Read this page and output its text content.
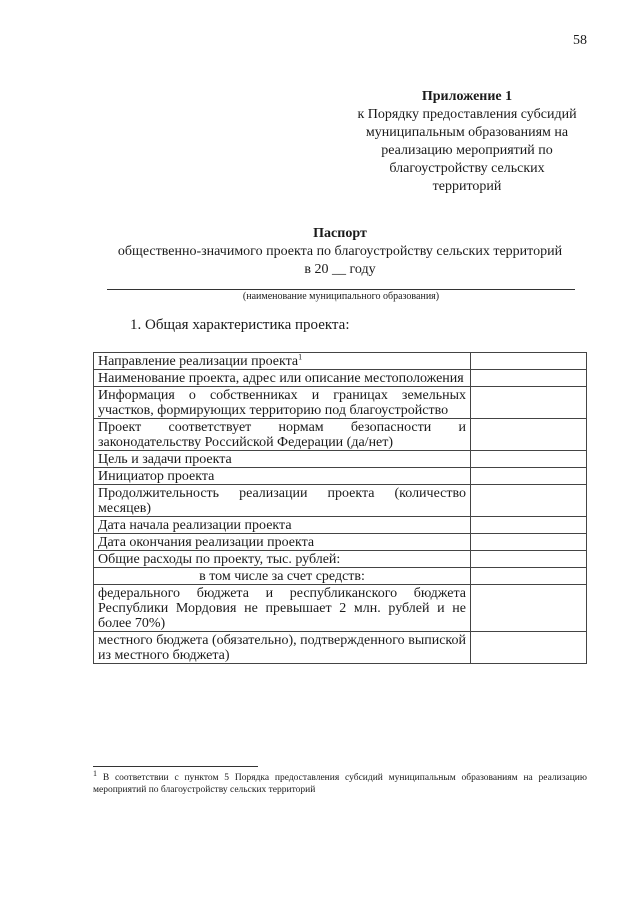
58
Приложение 1
к Порядку предоставления субсидий
муниципальным образованиям на
реализацию мероприятий по
благоустройству сельских
территорий
Паспорт
общественно-значимого проекта по благоустройству сельских территорий
в 20 __ году
(наименование муниципального образования)
1. Общая характеристика проекта:
Направление реализации проекта$^1$	
Наименование проекта, адрес или описание местоположения	
Информация о собственниках и границах земельных участков, формирующих территорию под благоустройство	
Проект соответствует нормам безопасности и законодательству Российской Федерации (да/нет)	
Цель и задачи проекта	
Инициатор проекта	
Продолжительность реализации проекта (количество месяцев)	
Дата начала реализации проекта	
Дата окончания реализации проекта	
Общие расходы по проекту, тыс. рублей:	
в том числе за счет средств:	
федерального бюджета и республиканского бюджета Республики Мордовия не превышает 2 млн. рублей и не более 70%)	
местного бюджета (обязательно), подтвержденного выпиской из местного бюджета)	
$^1$ В соответствии с пунктом 5 Порядка предоставления субсидий муниципальным образованиям на реализацию мероприятий по благоустройству сельских территорий
